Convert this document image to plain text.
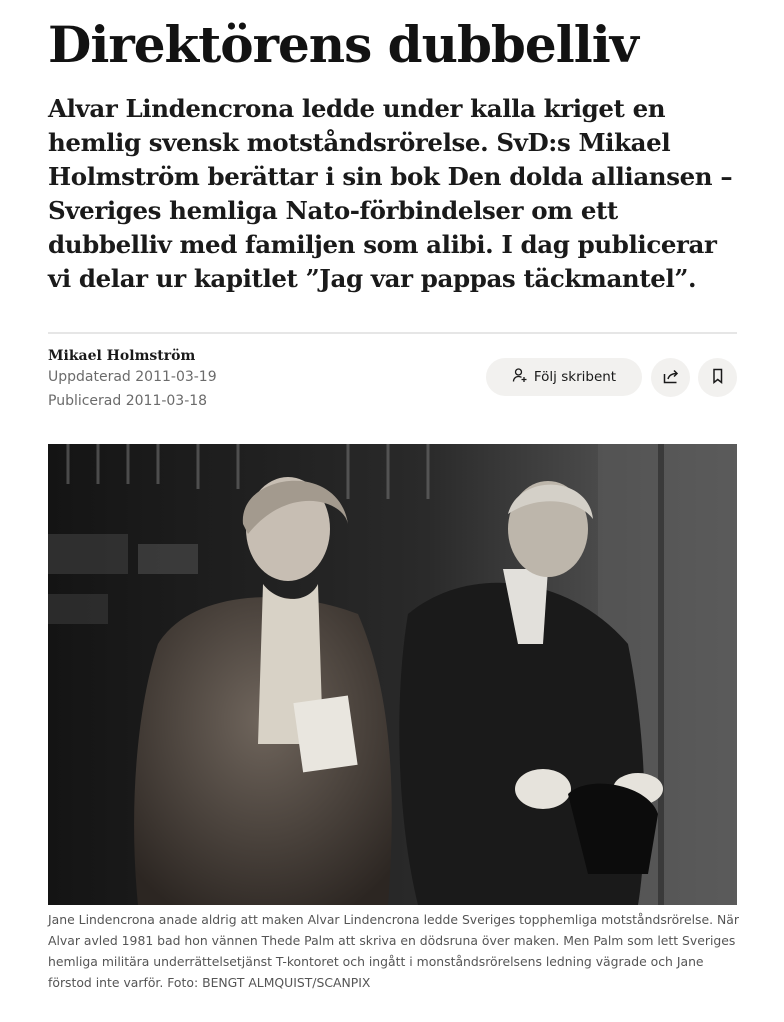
Direktörens dubbelliv

Alvar Lindencrona ledde under kalla kriget en hemlig svensk motståndsrörelse. SvD:s Mikael Holmström berättar i sin bok Den dolda alliansen – Sveriges hemliga Nato-förbindelser om ett dubbelliv med familjen som alibi. I dag publicerar vi delar ur kapitlet ”Jag var pappas täckmantel”.

Mikael Holmström
Uppdaterad 2011-03-19
Publicerad 2011-03-18
Följ skribent
Jane Lindencrona anade aldrig att maken Alvar Lindencrona ledde Sveriges topphemliga motståndsrörelse. När Alvar avled 1981 bad hon vännen Thede Palm att skriva en dödsruna över maken. Men Palm som lett Sveriges hemliga militära underrättelsetjänst T-kontoret och ingått i monståndsrörelsens ledning vägrade och Jane förstod inte varför. Foto: BENGT ALMQUIST/SCANPIX
